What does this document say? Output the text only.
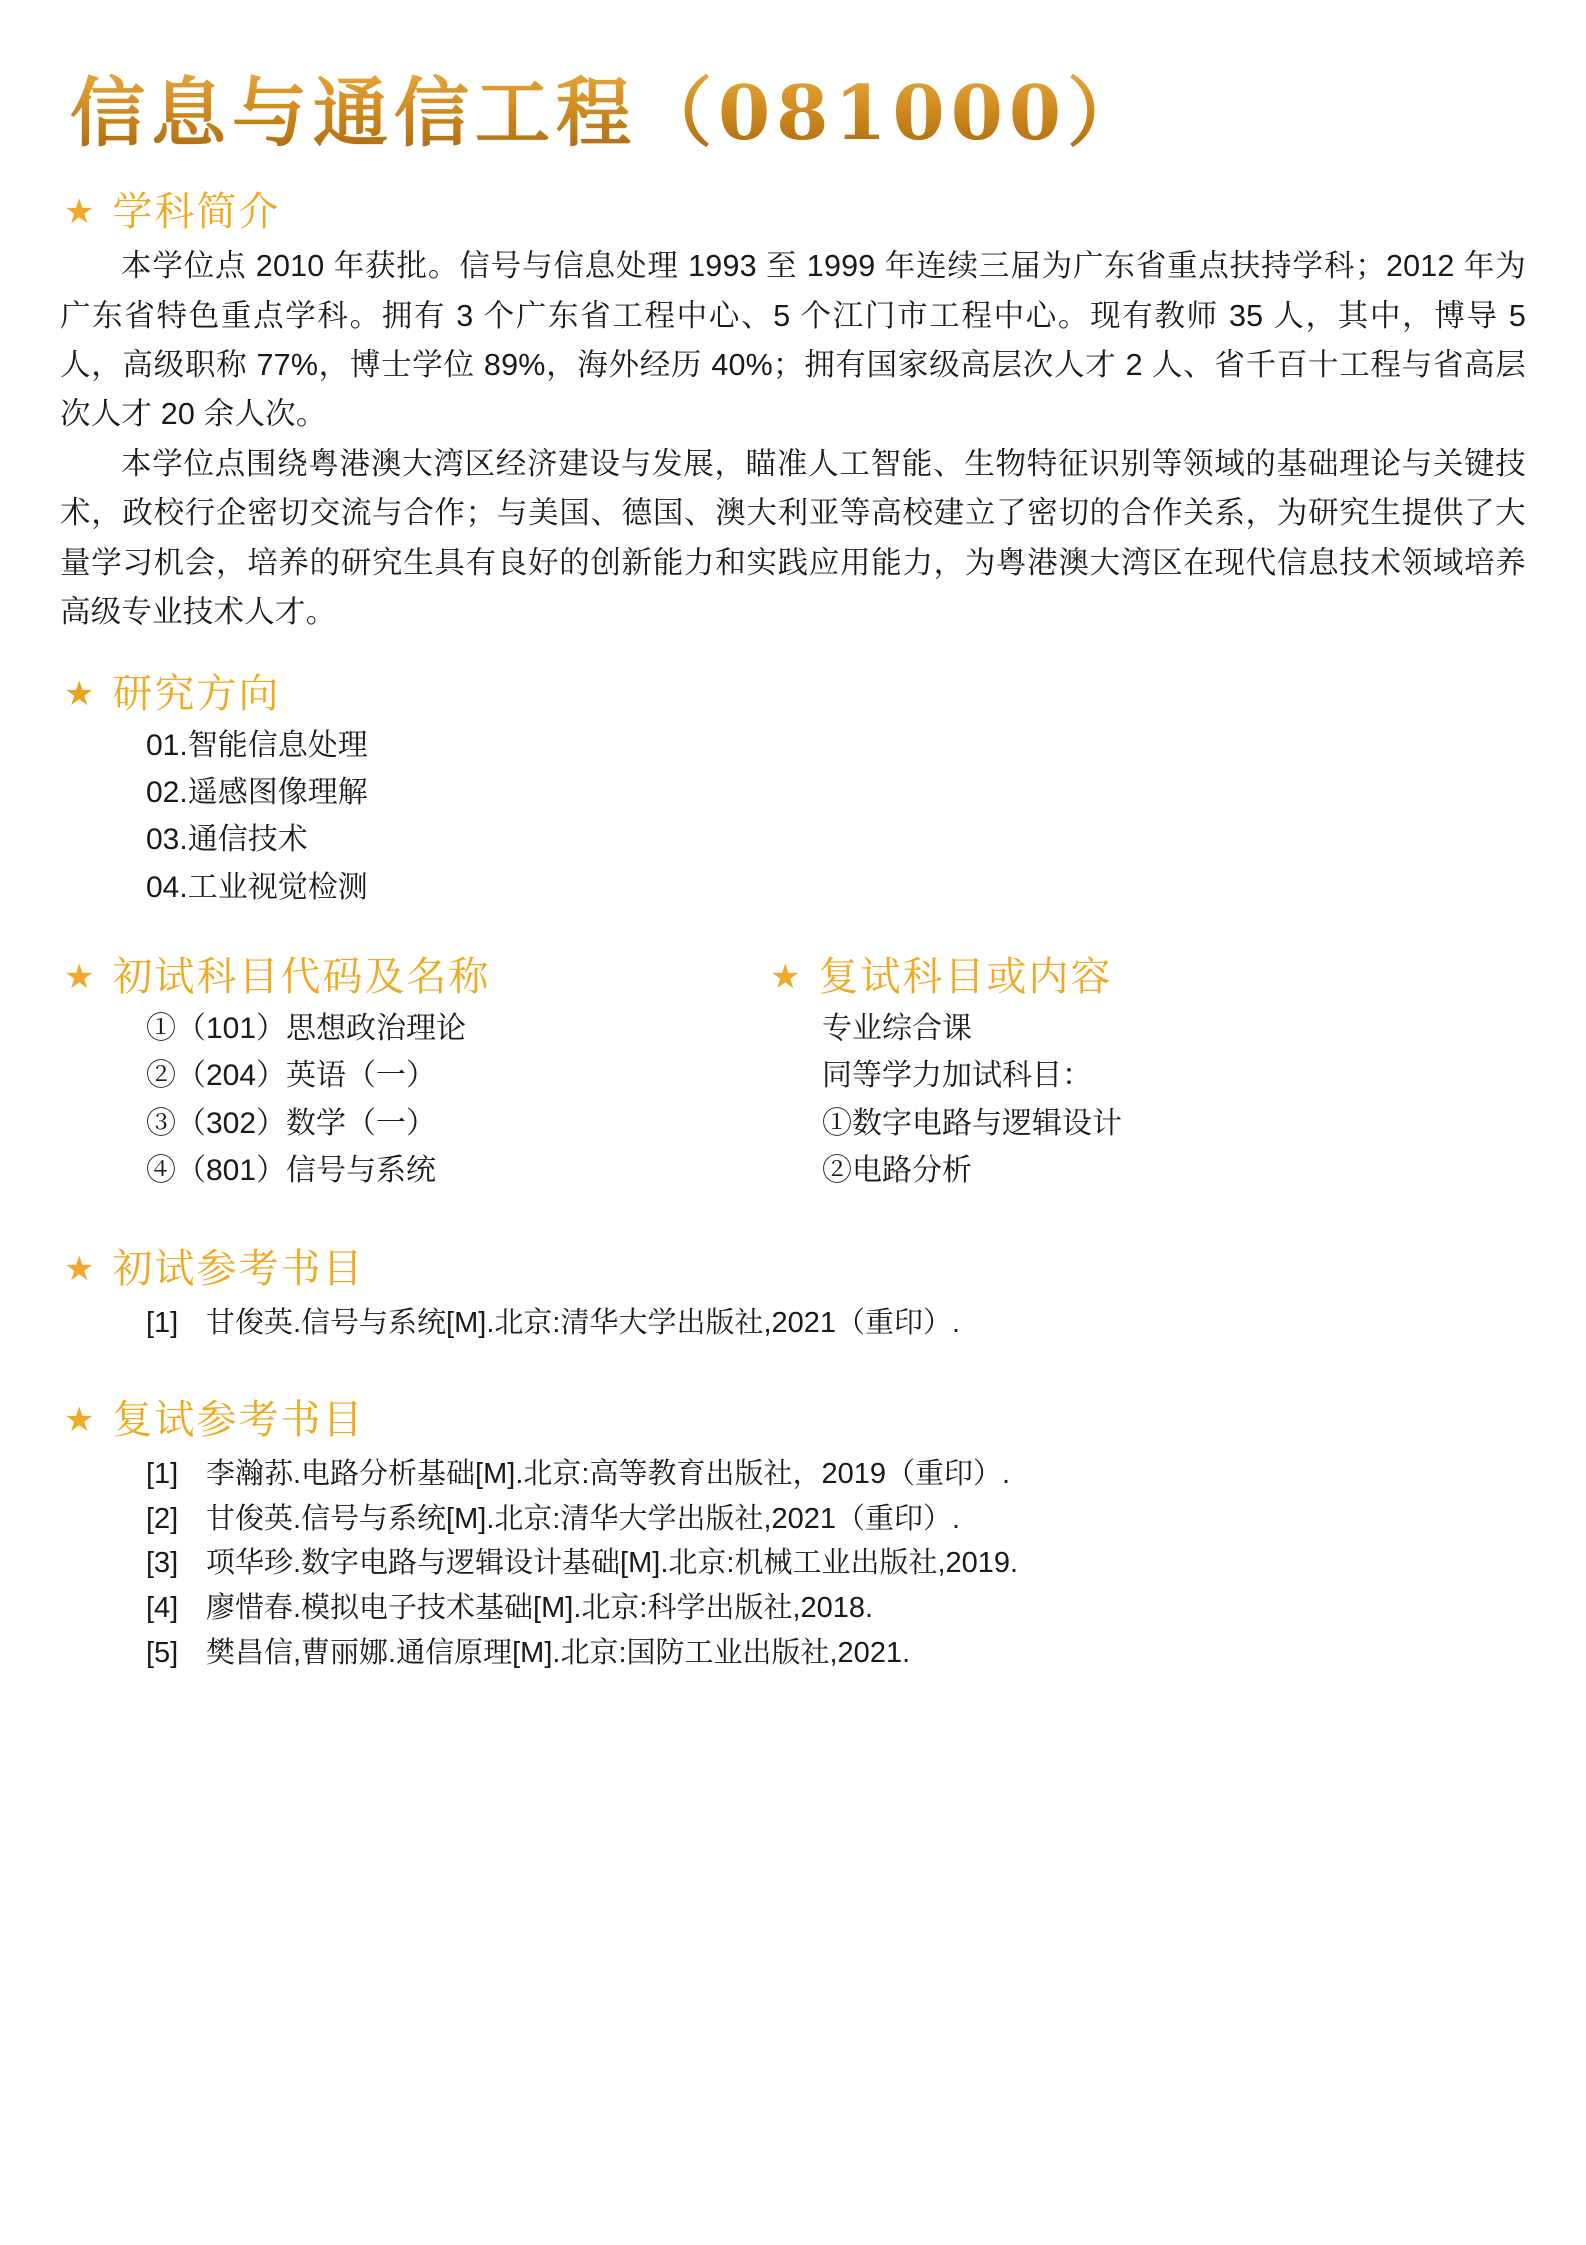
信息与通信工程（081000）
★ 学科简介

本学位点 2010 年获批。信号与信息处理 1993 至 1999 年连续三届为广东省重点扶持学科；2012 年为广东省特色重点学科。拥有 3 个广东省工程中心、5 个江门市工程中心。现有教师 35 人，其中，博导 5 人，高级职称 77%，博士学位 89%，海外经历 40%；拥有国家级高层次人才 2 人、省千百十工程与省高层次人才 20 余人次。

本学位点围绕粤港澳大湾区经济建设与发展，瞄准人工智能、生物特征识别等领域的基础理论与关键技术，政校行企密切交流与合作；与美国、德国、澳大利亚等高校建立了密切的合作关系，为研究生提供了大量学习机会，培养的研究生具有良好的创新能力和实践应用能力，为粤港澳大湾区在现代信息技术领域培养高级专业技术人才。

★ 研究方向
01.智能信息处理
02.遥感图像理解
03.通信技术
04.工业视觉检测
★ 初试科目代码及名称
①（101）思想政治理论
②（204）英语（一）
③（302）数学（一）
④（801）信号与系统
★ 复试科目或内容
专业综合课
同等学力加试科目：
①数字电路与逻辑设计
②电路分析
★ 初试参考书目
[1] 甘俊英.信号与系统[M].北京:清华大学出版社,2021（重印）.
★ 复试参考书目
[1] 李瀚荪.电路分析基础[M].北京:高等教育出版社，2019（重印）.
[2] 甘俊英.信号与系统[M].北京:清华大学出版社,2021（重印）.
[3] 项华珍.数字电路与逻辑设计基础[M].北京:机械工业出版社,2019.
[4] 廖惜春.模拟电子技术基础[M].北京:科学出版社,2018.
[5] 樊昌信,曹丽娜.通信原理[M].北京:国防工业出版社,2021.
